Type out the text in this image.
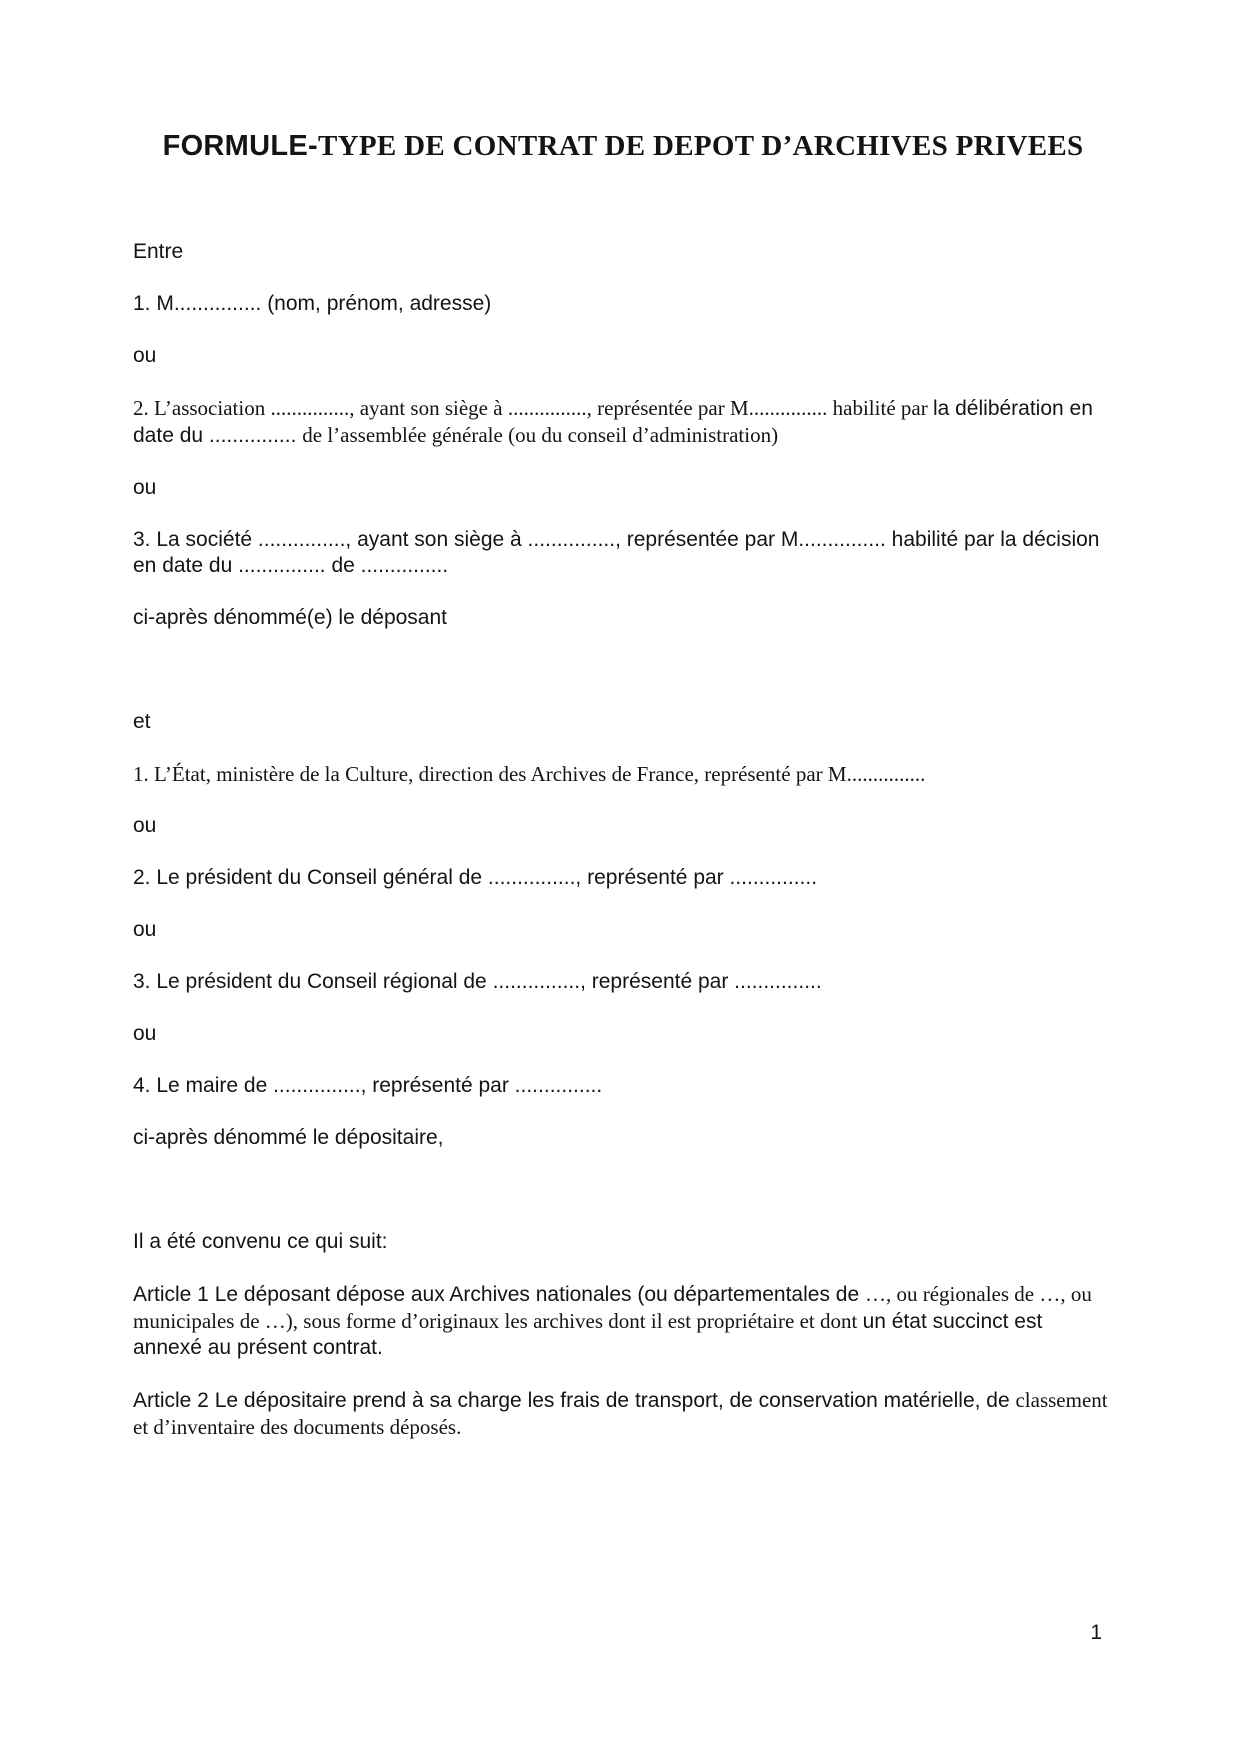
FORMULE-TYPE DE CONTRAT DE DEPOT D’ARCHIVES PRIVEES

Entre

1. M............... (nom, prénom, adresse)

ou

2. L’association ..............., ayant son siège à ..............., représentée par M............... habilité par la délibération en date du ............... de l’assemblée générale (ou du conseil d’administration)

ou

3. La société ..............., ayant son siège à ..............., représentée par M............... habilité par la décision en date du ............... de ...............

ci-après dénommé(e) le déposant

et

1. L’État, ministère de la Culture, direction des Archives de France, représenté par M...............

ou

2. Le président du Conseil général de ..............., représenté par ...............

ou

3. Le président du Conseil régional de ..............., représenté par ...............

ou

4. Le maire de ..............., représenté par ...............

ci-après dénommé le dépositaire,

Il a été convenu ce qui suit:

Article 1 Le déposant dépose aux Archives nationales (ou départementales de …, ou régionales de …, ou municipales de …), sous forme d’originaux les archives dont il est propriétaire et dont un état succinct est annexé au présent contrat.

Article 2 Le dépositaire prend à sa charge les frais de transport, de conservation matérielle, de classement et d’inventaire des documents déposés.

1
